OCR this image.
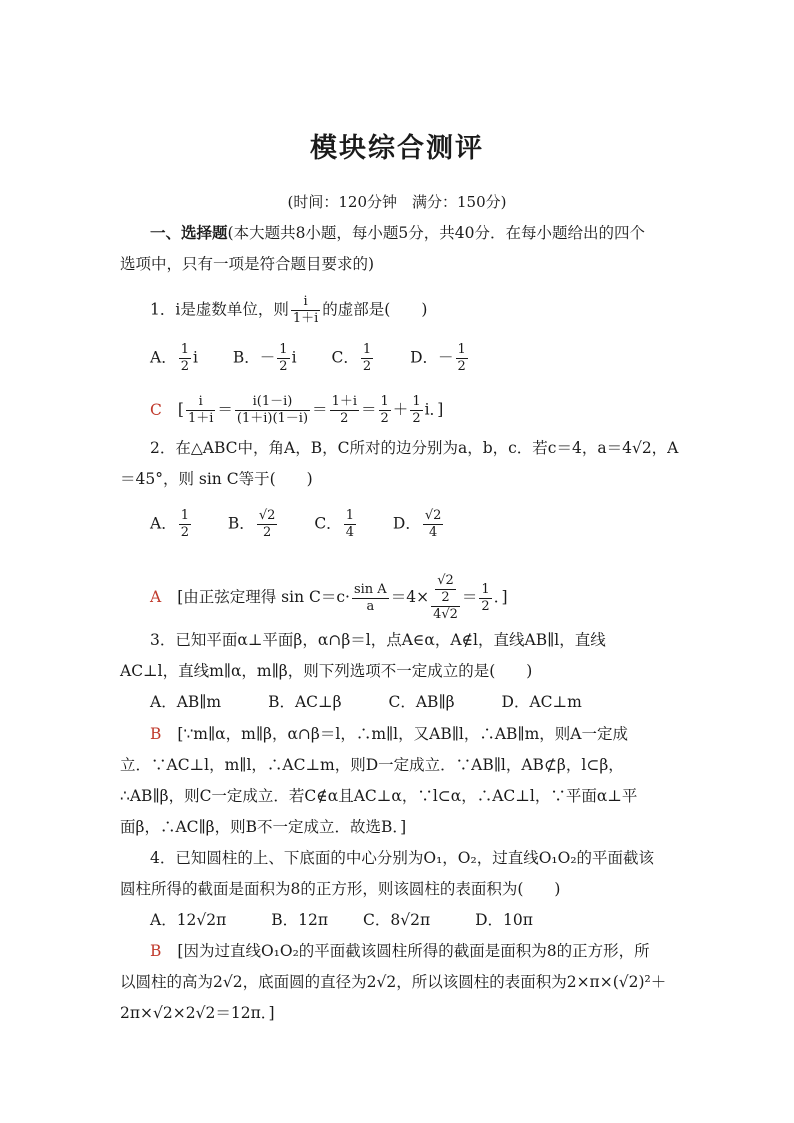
模块综合测评
(时间：120分钟　满分：150分)
一、选择题(本大题共8小题，每小题5分，共40分．在每小题给出的四个
选项中，只有一项是符合题目要求的)
1．i是虚数单位，则 $\frac{i}{1+i}$ 的虚部是(　　)
A． $\frac{1}{2}$ i B．－ $\frac{1}{2}$ i C． $\frac{1}{2}$ D．－ $\frac{1}{2}$
C [ $\frac{i}{1+i} = \frac{i(1-i)}{(1+i)(1-i)} = \frac{1+i}{2} = \frac{1}{2} + \frac{1}{2}$ i．]
2．在△ABC中，角A，B，C所对的边分别为a，b，c．若c＝4，a＝4√2，A
＝45°，则 sin C等于(　　)
A． $\frac{1}{2}$ B． $\frac{√2}{2}$ C． $\frac{1}{4}$ D． $\frac{√2}{4}$
A [由正弦定理得 $\sin C=c\cdot \frac{\text{sin A}}{a} =4\times \frac{\frac{√2}{2}}{4√2} = \frac{1}{2}$ ．]
3．已知平面α⊥平面β，α∩β＝l，点A∈α，A∉l，直线AB∥l，直线
AC⊥l，直线m∥α，m∥β，则下列选项不一定成立的是(　　)
A．AB∥m	B．AC⊥β	C．AB∥β	D．AC⊥m
B [∵m∥α，m∥β，α∩β＝l，∴m∥l，又AB∥l，∴AB∥m，则A一定成
立．∵AC⊥l，m∥l，∴AC⊥m，则D一定成立．∵AB∥l，AB⊄β，l⊂β，
∴AB∥β，则C一定成立．若C∉α且AC⊥α，∵l⊂α，∴AC⊥l，∵平面α⊥平
面β，∴AC∥β，则B不一定成立．故选B．]
4．已知圆柱的上、下底面的中心分别为O₁，O₂，过直线O₁O₂的平面截该
圆柱所得的截面是面积为8的正方形，则该圆柱的表面积为(　　)
A．12√2π	B．12π C．8√2π	D．10π
B [因为过直线O₁O₂的平面截该圆柱所得的截面是面积为8的正方形，所
以圆柱的高为2√2，底面圆的直径为2√2，所以该圆柱的表面积为2×π×(√2)²＋
2π×√2×2√2＝12π．]
